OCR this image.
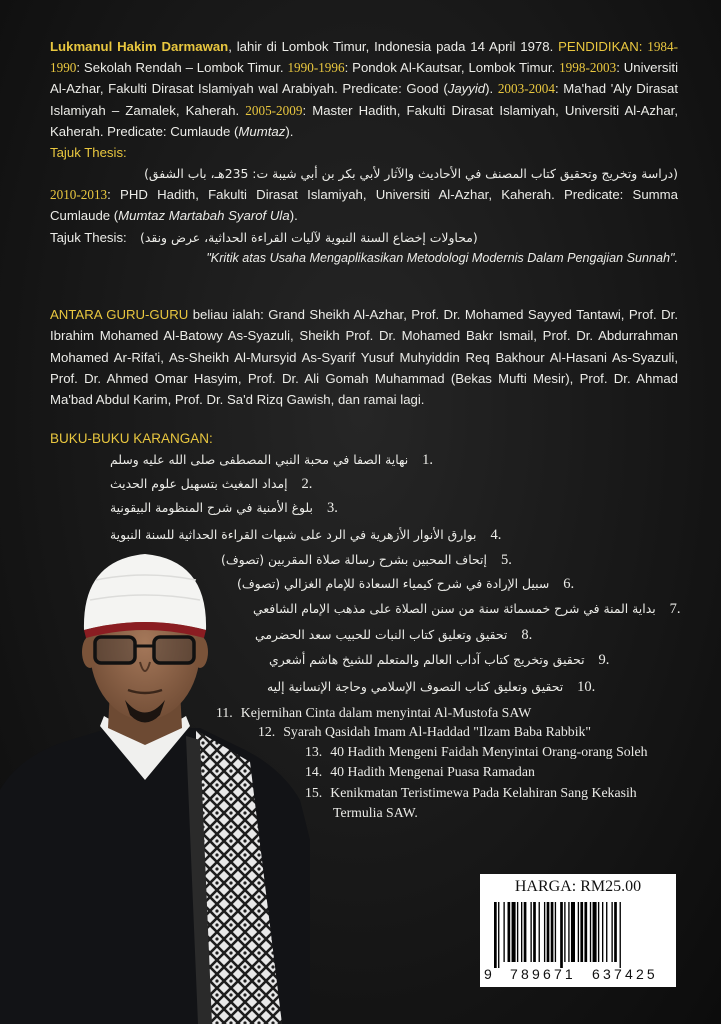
Lukmanul Hakim Darmawan, lahir di Lombok Timur, Indonesia pada 14 April 1978. PENDIDIKAN: 1984-1990: Sekolah Rendah – Lombok Timur. 1990-1996: Pondok Al-Kautsar, Lombok Timur. 1998-2003: Universiti Al-Azhar, Fakulti Dirasat Islamiyah wal Arabiyah. Predicate: Good (Jayyid). 2003-2004: Ma'had 'Aly Dirasat Islamiyah – Zamalek, Kaherah. 2005-2009: Master Hadith, Fakulti Dirasat Islamiyah, Universiti Al-Azhar, Kaherah. Predicate: Cumlaude (Mumtaz).

Tajuk Thesis:

(دراسة وتخريج وتحقيق كتاب المصنف في الأحاديث والآثار لأبي بكر بن أبي شيبة ت: 235هـ، باب الشفق)

2010-2013: PHD Hadith, Fakulti Dirasat Islamiyah, Universiti Al-Azhar, Kaherah. Predicate: Summa Cumlaude (Mumtaz Martabah Syarof Ula).

Tajuk Thesis: (محاولات إخضاع السنة النبوية لآليات القراءة الحداثية، عرض ونقد)

"Kritik atas Usaha Mengaplikasikan Metodologi Modernis Dalam Pengajian Sunnah".

ANTARA GURU-GURU beliau ialah: Grand Sheikh Al-Azhar, Prof. Dr. Mohamed Sayyed Tantawi, Prof. Dr. Ibrahim Mohamed Al-Batowy As-Syazuli, Sheikh Prof. Dr. Mohamed Bakr Ismail, Prof. Dr. Abdurrahman Mohamed Ar-Rifa'i, As-Sheikh Al-Mursyid As-Syarif Yusuf Muhyiddin Req Bakhour Al-Hasani As-Syazuli, Prof. Dr. Ahmed Omar Hasyim, Prof. Dr. Ali Gomah Muhammad (Bekas Mufti Mesir), Prof. Dr. Ahmad Ma'bad Abdul Karim, Prof. Dr. Sa'd Rizq Gawish, dan ramai lagi.

BUKU-BUKU KARANGAN:
1.نهاية الصفا في محبة النبي المصطفى صلى الله عليه وسلم
2.إمداد المغيث بتسهيل علوم الحديث
3.بلوغ الأمنية في شرح المنظومة البيقونية
4.بوارق الأنوار الأزهرية في الرد على شبهات القراءة الحداثية للسنة النبوية
5.إتحاف المحبين بشرح رسالة صلاة المقربين (تصوف)
6.سبيل الإرادة في شرح كيمياء السعادة للإمام الغزالي (تصوف)
7.بداية المنة في شرح خمسمائة سنة من سنن الصلاة على مذهب الإمام الشافعي
8.تحقيق وتعليق كتاب النبات للحبيب سعد الحضرمي
9.تحقيق وتخريج كتاب آداب العالم والمتعلم للشيخ هاشم أشعري
10.تحقيق وتعليق كتاب التصوف الإسلامي وحاجة الإنسانية إليه
11. Kejernihan Cinta dalam menyintai Al-Mustofa SAW
12. Syarah Qasidah Imam Al-Haddad "Ilzam Baba Rabbik"
13. 40 Hadith Mengeni Faidah Menyintai Orang-orang Soleh
14. 40 Hadith Mengenai Puasa Ramadan
15. Kenikmatan Teristimewa Pada Kelahiran Sang Kekasih
Termulia SAW.
HARGA: RM25.00
9 789671 637425
